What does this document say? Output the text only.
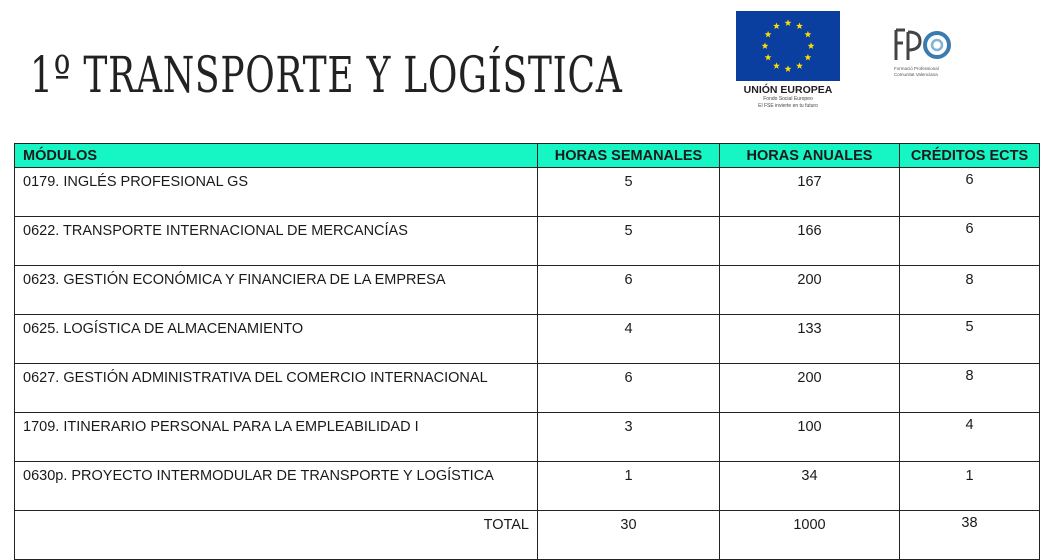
1º TRANSPORTE Y LOGÍSTICA	UNIÓN EUROPEA
Fondo Social Europeo
El FSE invierte en tu futuro
Formació Professional
Comunitat Valenciana
MÓDULOS	HORAS SEMANALES	HORAS ANUALES	CRÉDITOS ECTS
0179. INGLÉS PROFESIONAL GS	5	167	6
0622. TRANSPORTE INTERNACIONAL DE MERCANCÍAS	5	166	6
0623. GESTIÓN ECONÓMICA Y FINANCIERA DE LA EMPRESA	6	200	8
0625. LOGÍSTICA DE ALMACENAMIENTO	4	133	5
0627. GESTIÓN ADMINISTRATIVA DEL COMERCIO INTERNACIONAL	6	200	8
1709. ITINERARIO PERSONAL PARA LA EMPLEABILIDAD I	3	100	4
0630p. PROYECTO INTERMODULAR DE TRANSPORTE Y LOGÍSTICA	1	34	1
TOTAL	30	1000	38
